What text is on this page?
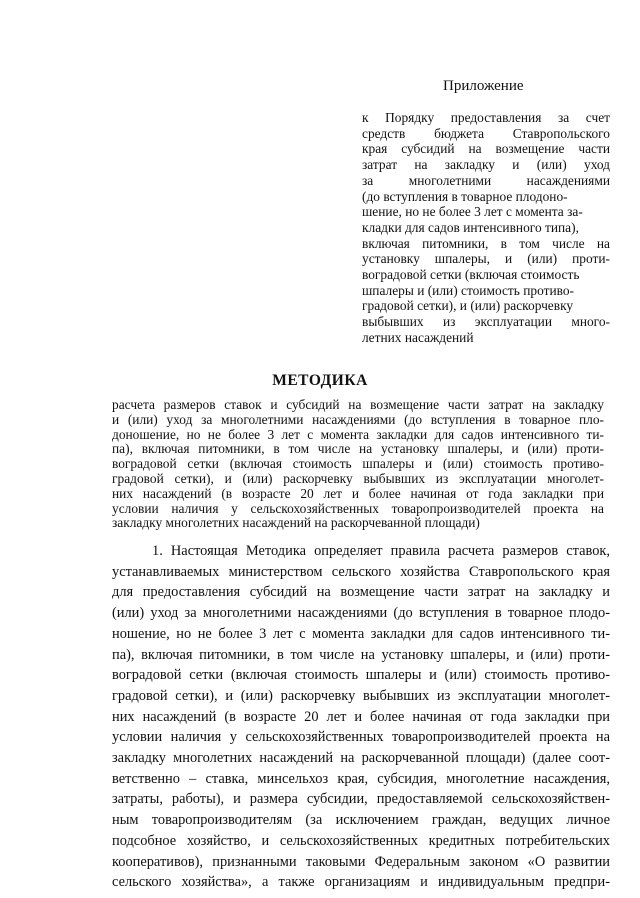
Приложение

к Порядку предоставления за счет
средств бюджета Ставропольского
края субсидий на возмещение части
затрат на закладку и (или) уход
за многолетними насаждениями
(до вступления в товарное плодоно-
шение, но не более 3 лет с момента за-
кладки для садов интенсивного типа),
включая питомники, в том числе на
установку шпалеры, и (или) проти-
воградовой сетки (включая стоимость
шпалеры и (или) стоимость противо-
градовой сетки), и (или) раскорчевку
выбывших из эксплуатации много-
летних насаждений
МЕТОДИКА
расчета размеров ставок и субсидий на возмещение части затрат на закладку
и (или) уход за многолетними насаждениями (до вступления в товарное пло-
доношение, но не более 3 лет с момента закладки для садов интенсивного ти-
па), включая питомники, в том числе на установку шпалеры, и (или) проти-
воградовой сетки (включая стоимость шпалеры и (или) стоимость противо-
градовой сетки), и (или) раскорчевку выбывших из эксплуатации многолет-
них насаждений (в возрасте 20 лет и более начиная от года закладки при
условии наличия у сельскохозяйственных товаропроизводителей проекта на
закладку многолетних насаждений на раскорчеванной площади)
1. Настоящая Методика определяет правила расчета размеров ставок,
устанавливаемых министерством сельского хозяйства Ставропольского края
для предоставления субсидий на возмещение части затрат на закладку и
(или) уход за многолетними насаждениями (до вступления в товарное плодо-
ношение, но не более 3 лет с момента закладки для садов интенсивного ти-
па), включая питомники, в том числе на установку шпалеры, и (или) проти-
воградовой сетки (включая стоимость шпалеры и (или) стоимость противо-
градовой сетки), и (или) раскорчевку выбывших из эксплуатации многолет-
них насаждений (в возрасте 20 лет и более начиная от года закладки при
условии наличия у сельскохозяйственных товаропроизводителей проекта на
закладку многолетних насаждений на раскорчеванной площади) (далее соот-
ветственно – ставка, минсельхоз края, субсидия, многолетние насаждения,
затраты, работы), и размера субсидии, предоставляемой сельскохозяйствен-
ным товаропроизводителям (за исключением граждан, ведущих личное
подсобное хозяйство, и сельскохозяйственных кредитных потребительских
кооперативов), признанными таковыми Федеральным законом «О развитии
сельского хозяйства», а также организациям и индивидуальным предпри-
